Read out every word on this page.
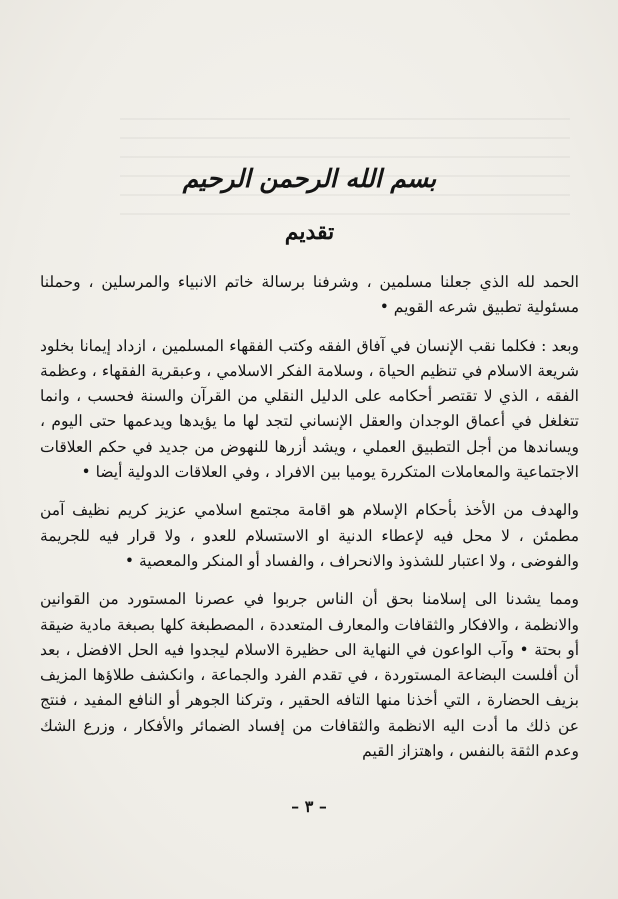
بسم الله الرحمن الرحيم
تقديم

الحمد لله الذي جعلنا مسلمين ، وشرفنا برسالة خاتم الانبياء والمرسلين ، وحملنا مسئولية تطبيق شرعه القويم •

وبعد : فكلما نقب الإنسان في آفاق الفقه وكتب الفقهاء المسلمين ، ازداد إيمانا بخلود شريعة الاسلام في تنظيم الحياة ، وسلامة الفكر الاسلامي ، وعبقرية الفقهاء ، وعظمة الفقه ، الذي لا تقتصر أحكامه على الدليل النقلي من القرآن والسنة فحسب ، وانما تتغلغل في أعماق الوجدان والعقل الإنساني لتجد لها ما يؤيدها ويدعمها حتى اليوم ، ويساندها من أجل التطبيق العملي ، ويشد أزرها للنهوض من جديد في حكم العلاقات الاجتماعية والمعاملات المتكررة يوميا بين الافراد ، وفي العلاقات الدولية أيضا •

والهدف من الأخذ بأحكام الإسلام هو اقامة مجتمع اسلامي عزيز كريم نظيف آمن مطمئن ، لا محل فيه لإعطاء الدنية او الاستسلام للعدو ، ولا قرار فيه للجريمة والفوضى ، ولا اعتبار للشذوذ والانحراف ، والفساد أو المنكر والمعصية •

ومما يشدنا الى إسلامنا بحق أن الناس جربوا في عصرنا المستورد من القوانين والانظمة ، والافكار والثقافات والمعارف المتعددة ، المصطبغة كلها بصبغة مادية ضيقة أو بحتة • وآب الواعون في النهاية الى حظيرة الاسلام ليجدوا فيه الحل الافضل ، بعد أن أفلست البضاعة المستوردة ، في تقدم الفرد والجماعة ، وانكشف طلاؤها المزيف بزيف الحضارة ، التي أخذنا منها التافه الحقير ، وتركنا الجوهر أو النافع المفيد ، فنتج عن ذلك ما أدت اليه الانظمة والثقافات من إفساد الضمائر والأفكار ، وزرع الشك وعدم الثقة بالنفس ، واهتزاز القيم

– ٣ –
